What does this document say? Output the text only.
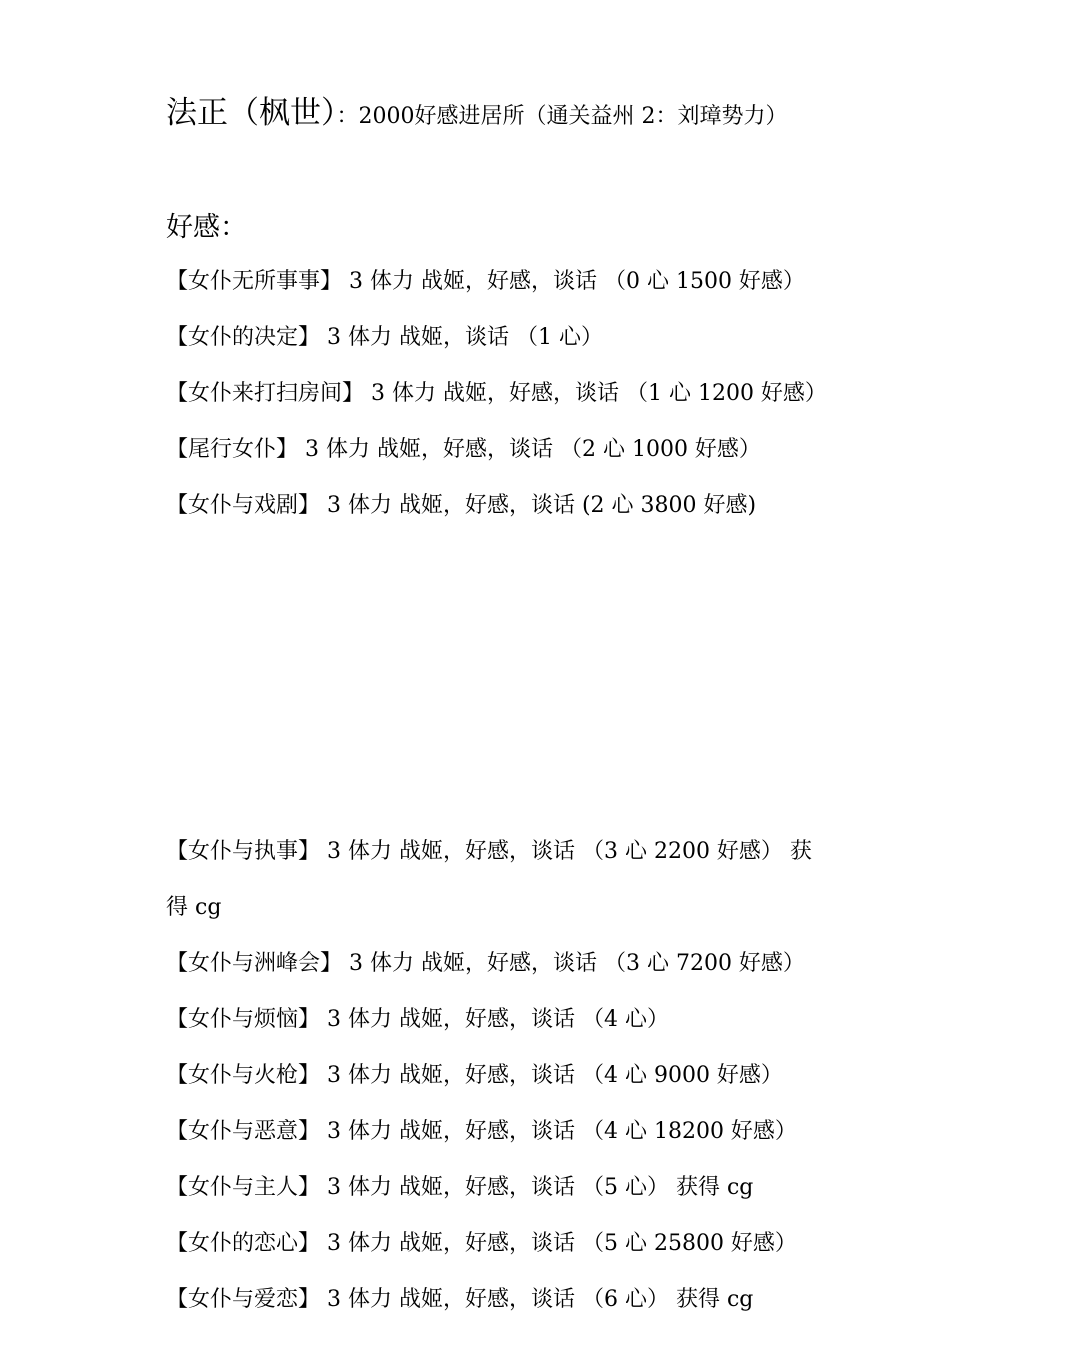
法正（枫世）：2000好感进居所（通关益州 2：刘璋势力）
好感：
【女仆无所事事】 3 体力 战姬，好感，谈话 （0 心 1500 好感）
【女仆的决定】 3 体力 战姬，谈话 （1 心）
【女仆来打扫房间】 3 体力 战姬，好感，谈话 （1 心 1200 好感）
【尾行女仆】 3 体力 战姬，好感，谈话 （2 心 1000 好感）
【女仆与戏剧】 3 体力 战姬，好感，谈话 (2 心 3800 好感)
【女仆与执事】 3 体力 战姬，好感，谈话 （3 心 2200 好感） 获
得 cg
【女仆与洲峰会】 3 体力 战姬，好感，谈话 （3 心 7200 好感）
【女仆与烦恼】 3 体力 战姬，好感，谈话 （4 心）
【女仆与火枪】 3 体力 战姬，好感，谈话 （4 心 9000 好感）
【女仆与恶意】 3 体力 战姬，好感，谈话 （4 心 18200 好感）
【女仆与主人】 3 体力 战姬，好感，谈话 （5 心） 获得 cg
【女仆的恋心】 3 体力 战姬，好感，谈话 （5 心 25800 好感）
【女仆与爱恋】 3 体力 战姬，好感，谈话 （6 心） 获得 cg
